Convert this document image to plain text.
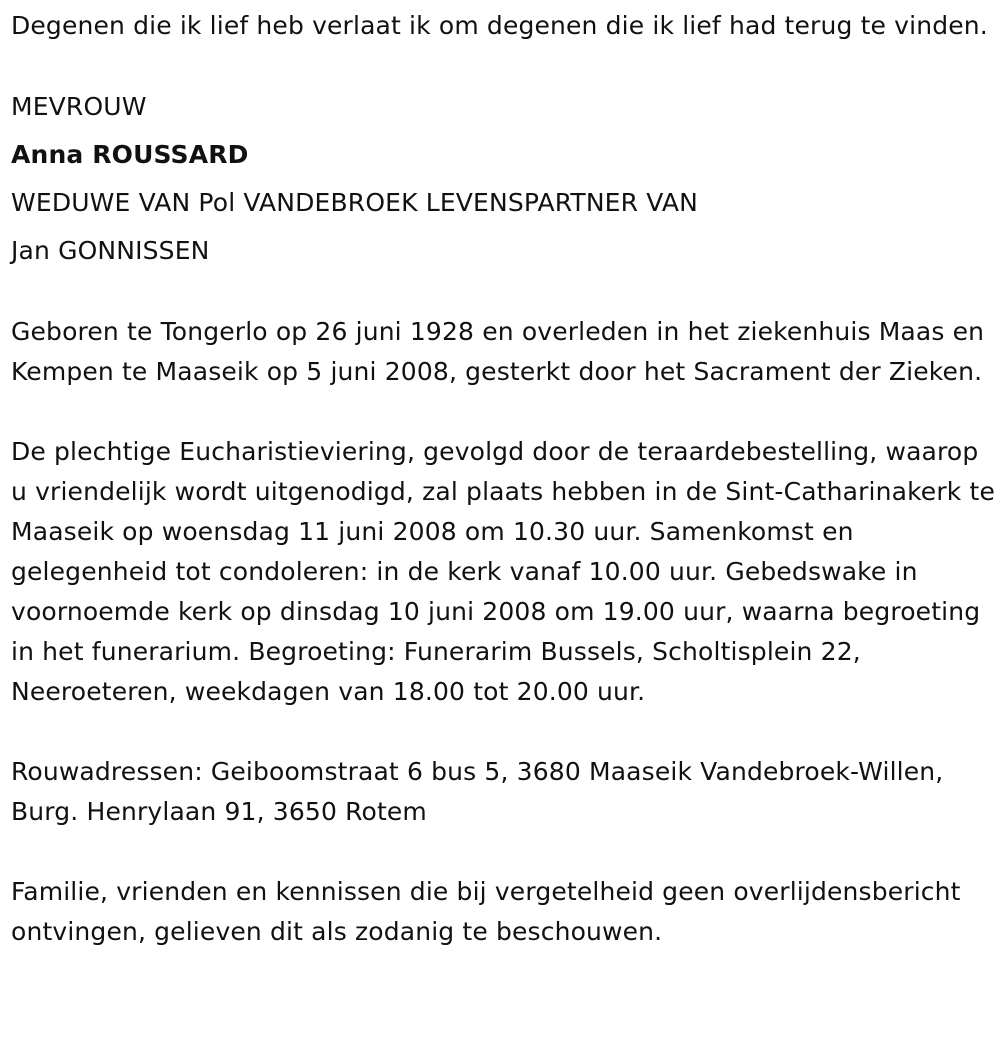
Degenen die ik lief heb verlaat ik om degenen die ik lief had terug te vinden.

MEVROUW

Anna ROUSSARD

WEDUWE VAN Pol VANDEBROEK LEVENSPARTNER VAN

Jan GONNISSEN

Geboren te Tongerlo op 26 juni 1928 en overleden in het ziekenhuis Maas en Kempen te Maaseik op 5 juni 2008, gesterkt door het Sacrament der Zieken.

De plechtige Eucharistieviering, gevolgd door de teraardebestelling, waarop u vriendelijk wordt uitgenodigd, zal plaats hebben in de Sint-Catharinakerk te Maaseik op woensdag 11 juni 2008 om 10.30 uur. Samenkomst en gelegenheid tot condoleren: in de kerk vanaf 10.00 uur. Gebedswake in voornoemde kerk op dinsdag 10 juni 2008 om 19.00 uur, waarna begroeting in het funerarium. Begroeting: Funerarim Bussels, Scholtisplein 22, Neeroeteren, weekdagen van 18.00 tot 20.00 uur.

Rouwadressen: Geiboomstraat 6 bus 5, 3680 Maaseik Vandebroek-Willen, Burg. Henrylaan 91, 3650 Rotem

Familie, vrienden en kennissen die bij vergetelheid geen overlijdensbericht ontvingen, gelieven dit als zodanig te beschouwen.
